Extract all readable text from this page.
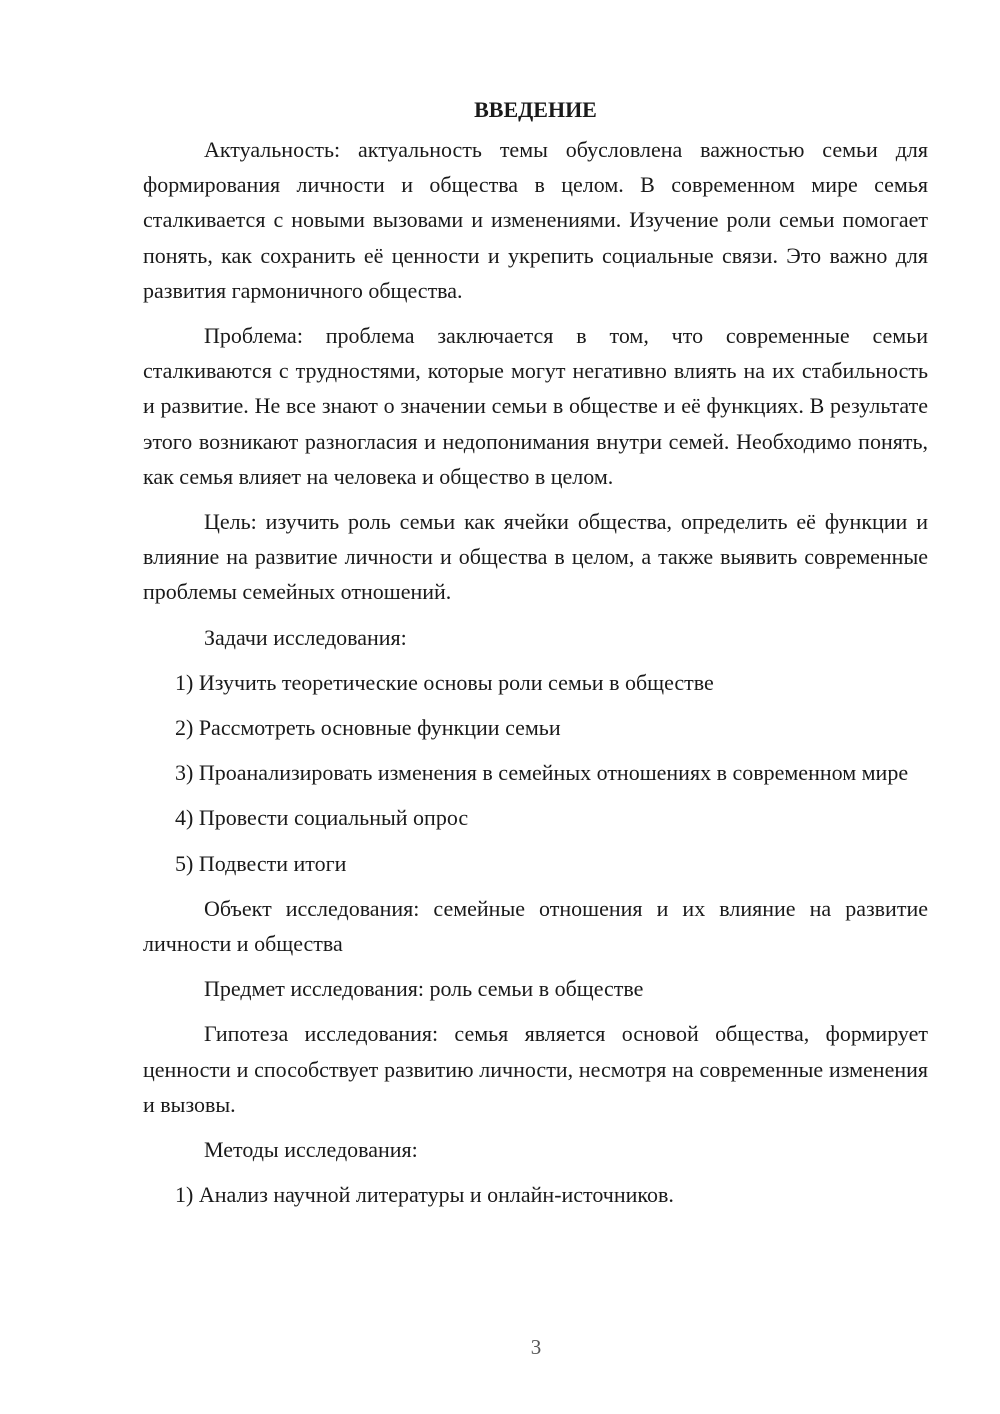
ВВЕДЕНИЕ

Актуальность: актуальность темы обусловлена важностью семьи для формирования личности и общества в целом. В современном мире семья сталкивается с новыми вызовами и изменениями. Изучение роли семьи помогает понять, как сохранить её ценности и укрепить социальные связи. Это важно для развития гармоничного общества.

Проблема: проблема заключается в том, что современные семьи сталкиваются с трудностями, которые могут негативно влиять на их стабильность и развитие. Не все знают о значении семьи в обществе и её функциях. В результате этого возникают разногласия и недопонимания внутри семей. Необходимо понять, как семья влияет на человека и общество в целом.

Цель: изучить роль семьи как ячейки общества, определить её функции и влияние на развитие личности и общества в целом, а также выявить современные проблемы семейных отношений.

Задачи исследования:

1) Изучить теоретические основы роли семьи в обществе

2) Рассмотреть основные функции семьи

3) Проанализировать изменения в семейных отношениях в современном мире

4) Провести социальный опрос

5) Подвести итоги

Объект исследования: семейные отношения и их влияние на развитие личности и общества

Предмет исследования: роль семьи в обществе

Гипотеза исследования: семья является основой общества, формирует ценности и способствует развитию личности, несмотря на современные изменения и вызовы.

Методы исследования:

1) Анализ научной литературы и онлайн-источников.

3
